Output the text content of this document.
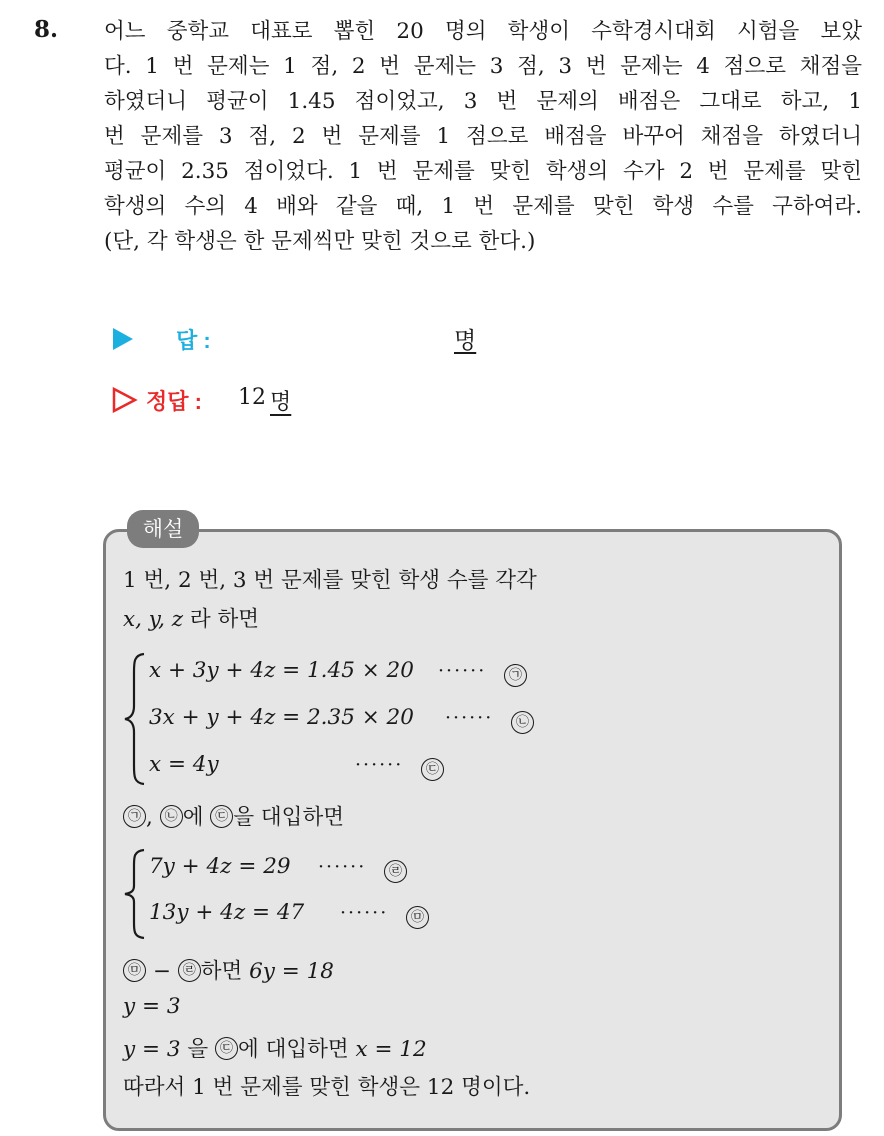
8. 어느 중학교 대표로 뽑힌 20 명의 학생이 수학경시대회 시험을 보았
다. 1 번 문제는 1 점, 2 번 문제는 3 점, 3 번 문제는 4 점으로 채점을
하였더니 평균이 1.45 점이었고, 3 번 문제의 배점은 그대로 하고, 1
번 문제를 3 점, 2 번 문제를 1 점으로 배점을 바꾸어 채점을 하였더니
평균이 2.35 점이었다. 1 번 문제를 맞힌 학생의 수가 2 번 문제를 맞힌
학생의 수의 4 배와 같을 때, 1 번 문제를 맞힌 학생 수를 구하여라.
(단, 각 학생은 한 문제씩만 맞힌 것으로 한다.)
답 :	명
정답 : 12 명
해설
1 번, 2 번, 3 번 문제를 맞힌 학생 수를 각각
x, y, z 라 하면
x + 3y + 4z = 1.45 × 20 ······	㉠
3x + y + 4z = 2.35 × 20 ······	㉡
x = 4y	······	㉢
㉠ , ㉡ 에 ㉢ 을 대입하면
7y + 4z = 29 ······	㉣
13y + 4z = 47 ······	㉤
㉤ − ㉣ 하면 6y = 18
y = 3
y = 3 을 ㉢ 에 대입하면 x = 12
따라서 1 번 문제를 맞힌 학생은 12 명이다.
